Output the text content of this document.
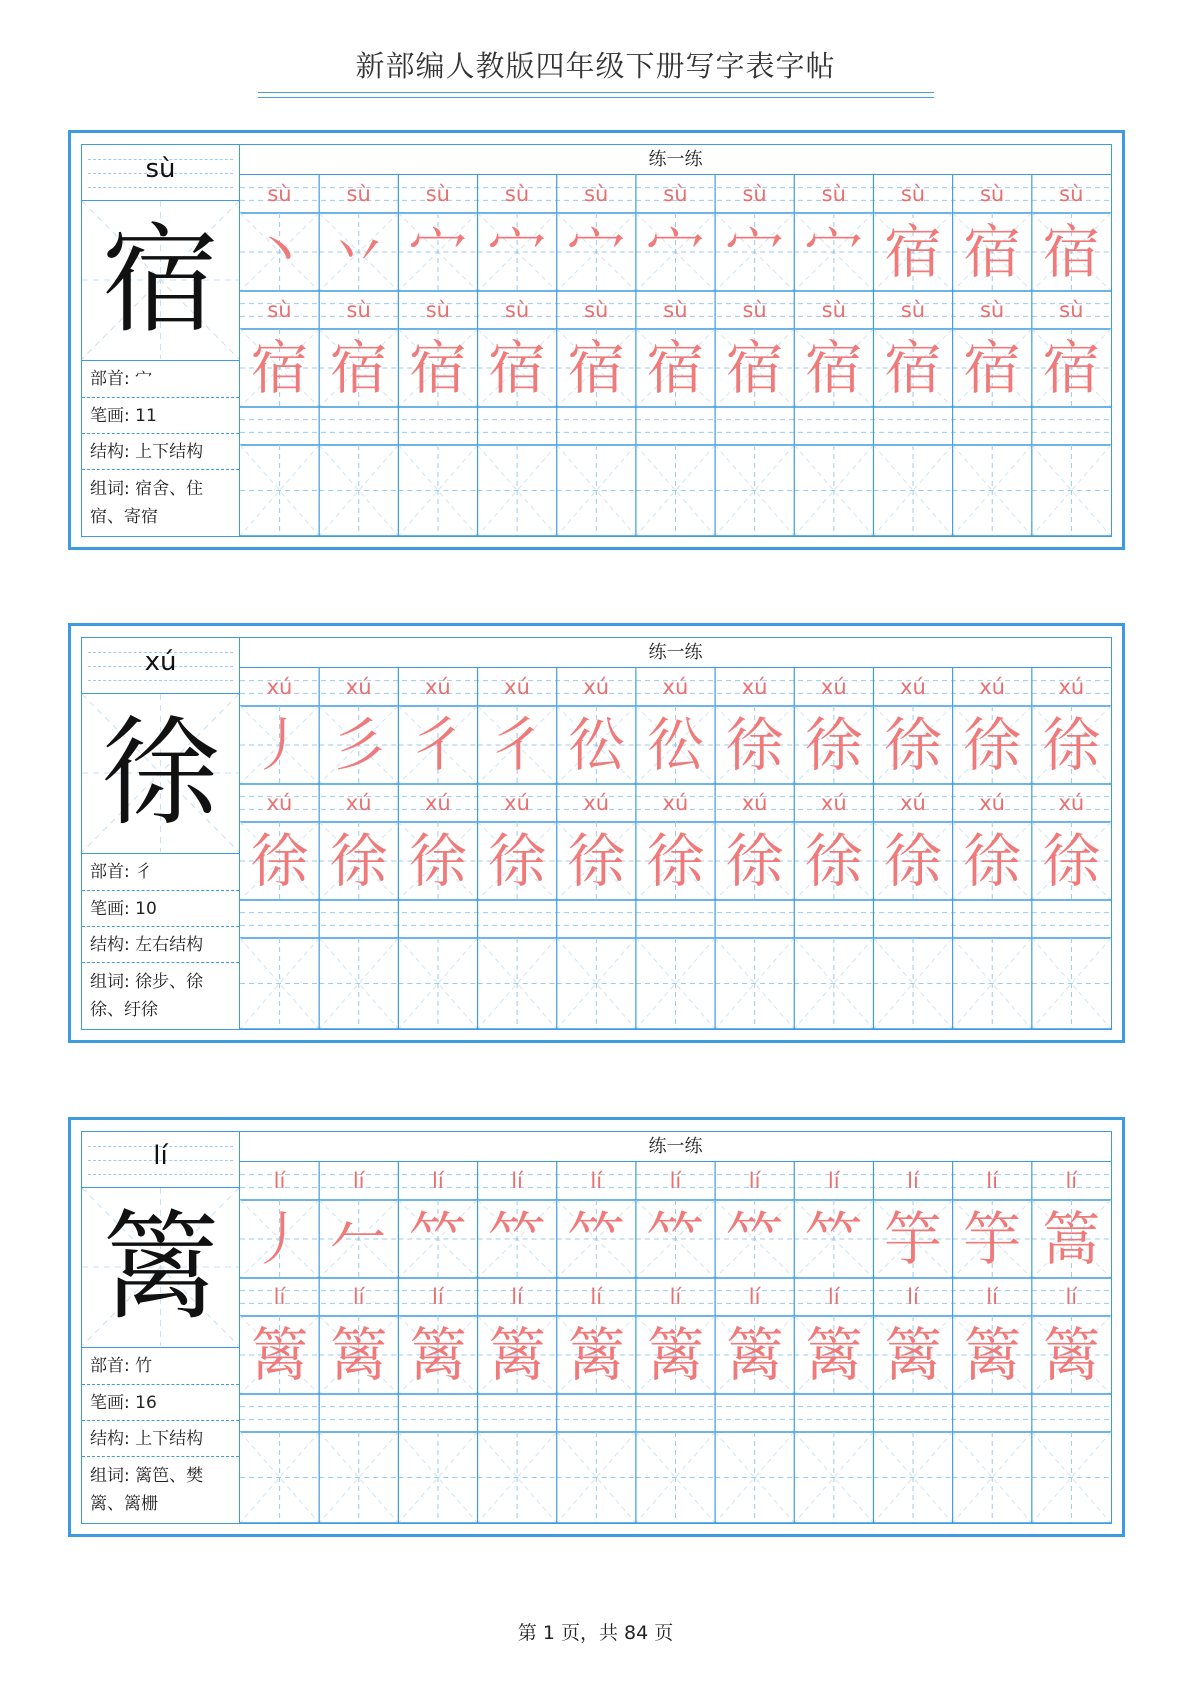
新部编人教版四年级下册写字表字帖
sù
宿
部首: 宀
笔画: 11
结构: 上下结构
组词: 宿舍、住宿、寄宿
练一练
sù	sù	sù	sù	sù	sù	sù	sù	sù	sù	sù
丶 丷 宀 宀 宀 宀 宀 宀 宿 宿 宿
sù	sù	sù	sù	sù	sù	sù	sù	sù	sù	sù
宿 宿 宿 宿 宿 宿 宿 宿 宿 宿 宿
xú
徐
部首: 彳
笔画: 10
结构: 左右结构
组词: 徐步、徐徐、纡徐
练一练
xú	xú	xú	xú	xú	xú	xú	xú	xú	xú	xú
丿 彡 彳 彳 彸 彸 徐 徐 徐 徐 徐
xú	xú	xú	xú	xú	xú	xú	xú	xú	xú	xú
徐 徐 徐 徐 徐 徐 徐 徐 徐 徐 徐
lí
篱
部首: 竹
笔画: 16
结构: 上下结构
组词: 篱笆、樊篱、篱栅
练一练
lí	lí	lí	lí	lí	lí	lí	lí	lí	lí	lí
丿 𠂉 𥫗 𥫗 𥫗 𥫗 𥫗 𥫗 竽 竽 篙
lí	lí	lí	lí	lí	lí	lí	lí	lí	lí	lí
篱 篱 篱 篱 篱 篱 篱 篱 篱 篱 篱
第 1 页，共 84 页
